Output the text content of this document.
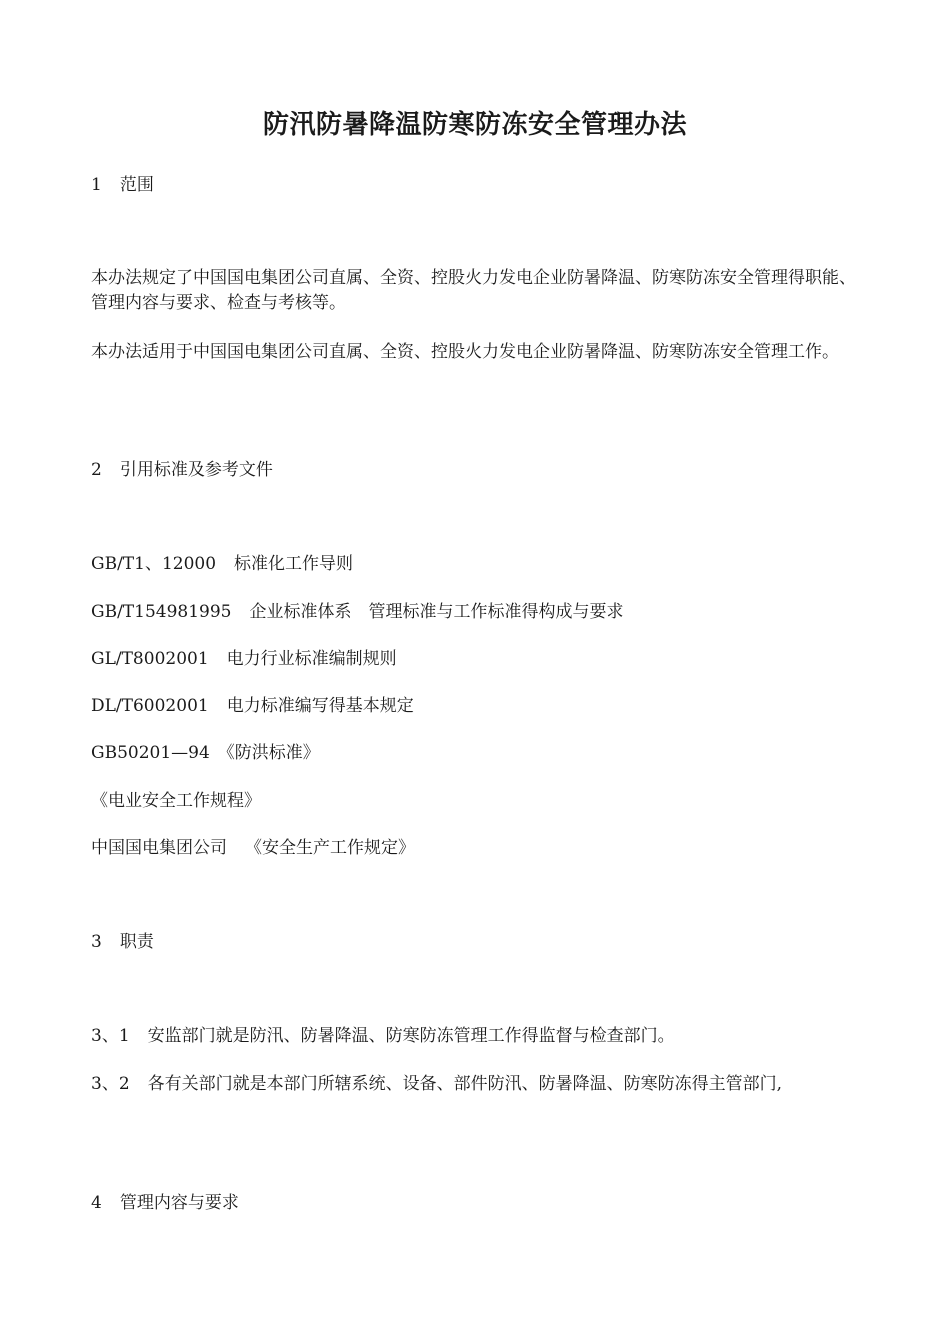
防汛防暑降温防寒防冻安全管理办法
1 范围
本办法规定了中国国电集团公司直属、全资、控股火力发电企业防暑降温、防寒防冻安全管理得职能、管理内容与要求、检查与考核等。
本办法适用于中国国电集团公司直属、全资、控股火力发电企业防暑降温、防寒防冻安全管理工作。
2 引用标准及参考文件
GB/T1、12000 标准化工作导则
GB/T154981995 企业标准体系　管理标准与工作标准得构成与要求
GL/T8002001 电力行业标准编制规则
DL/T6002001 电力标准编写得基本规定
GB50201—94 《防洪标准》
《电业安全工作规程》
中国国电集团公司 《安全生产工作规定》
3 职责
3、1 安监部门就是防汛、防暑降温、防寒防冻管理工作得监督与检查部门。
3、2 各有关部门就是本部门所辖系统、设备、部件防汛、防暑降温、防寒防冻得主管部门,
4 管理内容与要求
